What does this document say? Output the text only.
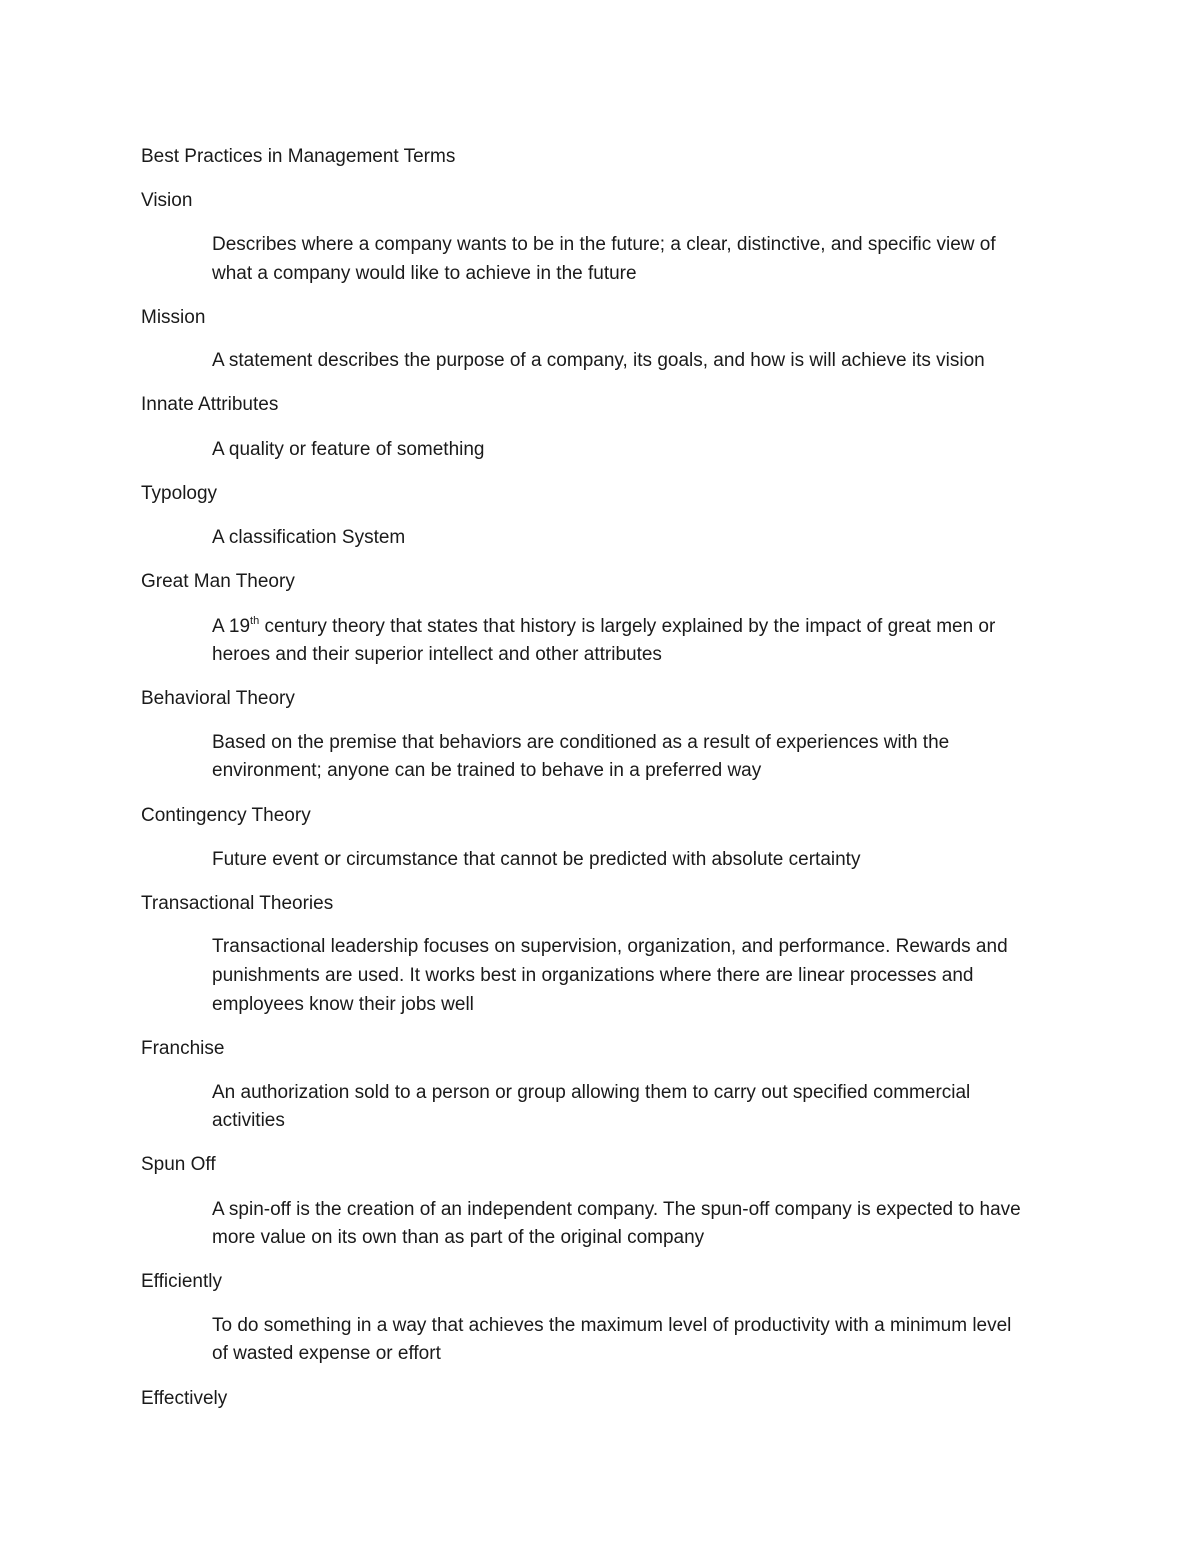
Best Practices in Management Terms

Vision

Describes where a company wants to be in the future; a clear, distinctive, and specific view of

what a company would like to achieve in the future

Mission

A statement describes the purpose of a company, its goals, and how is will achieve its vision

Innate Attributes

A quality or feature of something

Typology

A classification System

Great Man Theory

A 19th century theory that states that history is largely explained by the impact of great men or

heroes and their superior intellect and other attributes

Behavioral Theory

Based on the premise that behaviors are conditioned as a result of experiences with the

environment; anyone can be trained to behave in a preferred way

Contingency Theory

Future event or circumstance that cannot be predicted with absolute certainty

Transactional Theories

Transactional leadership focuses on supervision, organization, and performance. Rewards and

punishments are used. It works best in organizations where there are linear processes and

employees know their jobs well

Franchise

An authorization sold to a person or group allowing them to carry out specified commercial

activities

Spun Off

A spin-off is the creation of an independent company. The spun-off company is expected to have

more value on its own than as part of the original company

Efficiently

To do something in a way that achieves the maximum level of productivity with a minimum level

of wasted expense or effort

Effectively
